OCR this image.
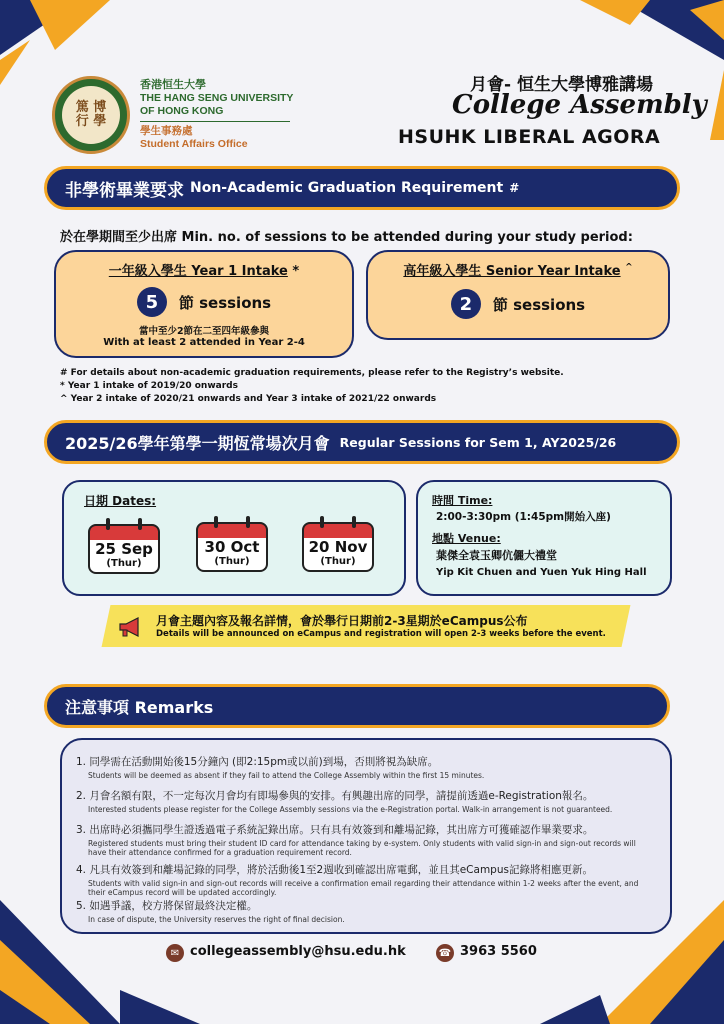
篤 博
行 學
香港恒生大學
THE HANG SENG UNIVERSITY
OF HONG KONG
學生事務處
Student Affairs Office
月會- 恒生大學博雅講場
College Assembly
HSUHK LIBERAL AGORA
非學術畢業要求 Non-Academic Graduation Requirement #
於在學期間至少出席 Min. no. of sessions to be attended during your study period:
一年級入學生 Year 1 Intake *
5	節 sessions
當中至少2節在二至四年級參與
With at least 2 attended in Year 2-4
高年級入學生 Senior Year Intake ^
2	節 sessions
# For details about non-academic graduation requirements, please refer to the Registry’s website.
* Year 1 intake of 2019/20 onwards
^ Year 2 intake of 2020/21 onwards and Year 3 intake of 2021/22 onwards
2025/26學年第學一期恆常場次月會 Regular Sessions for Sem 1, AY2025/26
日期 Dates:
25 Sep
(Thur)
30 Oct
(Thur)
20 Nov
(Thur)
時間 Time:
2:00-3:30pm (1:45pm開始入座)
地點 Venue:
葉傑全袁玉卿伉儷大禮堂
Yip Kit Chuen and Yuen Yuk Hing Hall
月會主題內容及報名詳情，會於舉行日期前2-3星期於eCampus公布
Details will be announced on eCampus and registration will open 2-3 weeks before the event.
注意事項 Remarks
1. 同學需在活動開始後15分鐘內 (即2:15pm或以前)到場，否則將視為缺席。
Students will be deemed as absent if they fail to attend the College Assembly within the first 15 minutes.
2. 月會名額有限，不一定每次月會均有即場參與的安排。有興趣出席的同學，請提前透過e-Registration報名。
Interested students please register for the College Assembly sessions via the e-Registration portal. Walk-in arrangement is not guaranteed.
3. 出席時必須攜同學生證透過電子系統記錄出席。只有具有效簽到和離場記錄，其出席方可獲確認作畢業要求。
Registered students must bring their student ID card for attendance taking by e-system. Only students with valid sign-in and sign-out records will have their attendance confirmed for a graduation requirement record.
4. 凡具有效簽到和離場記錄的同學，將於活動後1至2週收到確認出席電郵，並且其eCampus記錄將相應更新。
Students with valid sign-in and sign-out records will receive a confirmation email regarding their attendance within 1-2 weeks after the event, and their eCampus record will be updated accordingly.
5. 如遇爭議，校方將保留最終決定權。
In case of dispute, the University reserves the right of final decision.
✉ collegeassembly@hsu.edu.hk	☎ 3963 5560
